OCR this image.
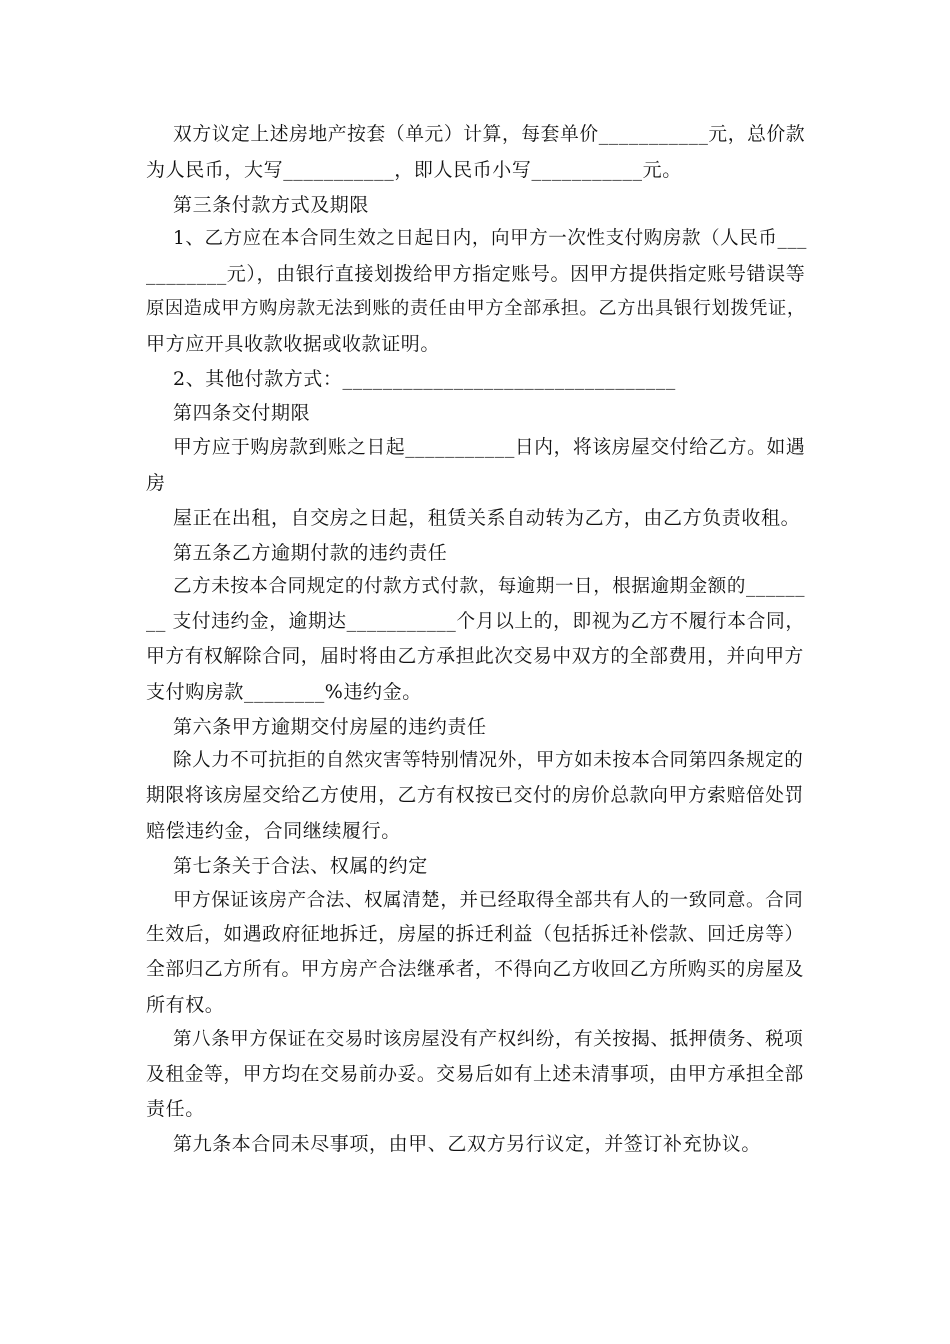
双方议定上述房地产按套（单元）计算，每套单价___________元，总价款
为人民币，大写___________，即人民币小写___________元。
第三条付款方式及期限
1、乙方应在本合同生效之日起日内，向甲方一次性支付购房款（人民币___
________元），由银行直接划拨给甲方指定账号。因甲方提供指定账号错误等
原因造成甲方购房款无法到账的责任由甲方全部承担。乙方出具银行划拨凭证，
甲方应开具收款收据或收款证明。
2、其他付款方式：_________________________________
第四条交付期限
甲方应于购房款到账之日起___________日内，将该房屋交付给乙方。如遇
房
屋正在出租，自交房之日起，租赁关系自动转为乙方，由乙方负责收租。
第五条乙方逾期付款的违约责任
乙方未按本合同规定的付款方式付款，每逾期一日，根据逾期金额的______
__ 支付违约金，逾期达___________个月以上的，即视为乙方不履行本合同，
甲方有权解除合同，届时将由乙方承担此次交易中双方的全部费用，并向甲方
支付购房款________%违约金。
第六条甲方逾期交付房屋的违约责任
除人力不可抗拒的自然灾害等特别情况外，甲方如未按本合同第四条规定的
期限将该房屋交给乙方使用，乙方有权按已交付的房价总款向甲方索赔倍处罚
赔偿违约金，合同继续履行。
第七条关于合法、权属的约定
甲方保证该房产合法、权属清楚，并已经取得全部共有人的一致同意。合同
生效后，如遇政府征地拆迁，房屋的拆迁利益（包括拆迁补偿款、回迁房等）
全部归乙方所有。甲方房产合法继承者，不得向乙方收回乙方所购买的房屋及
所有权。
第八条甲方保证在交易时该房屋没有产权纠纷，有关按揭、抵押债务、税项
及租金等，甲方均在交易前办妥。交易后如有上述未清事项，由甲方承担全部
责任。
第九条本合同未尽事项，由甲、乙双方另行议定，并签订补充协议。
